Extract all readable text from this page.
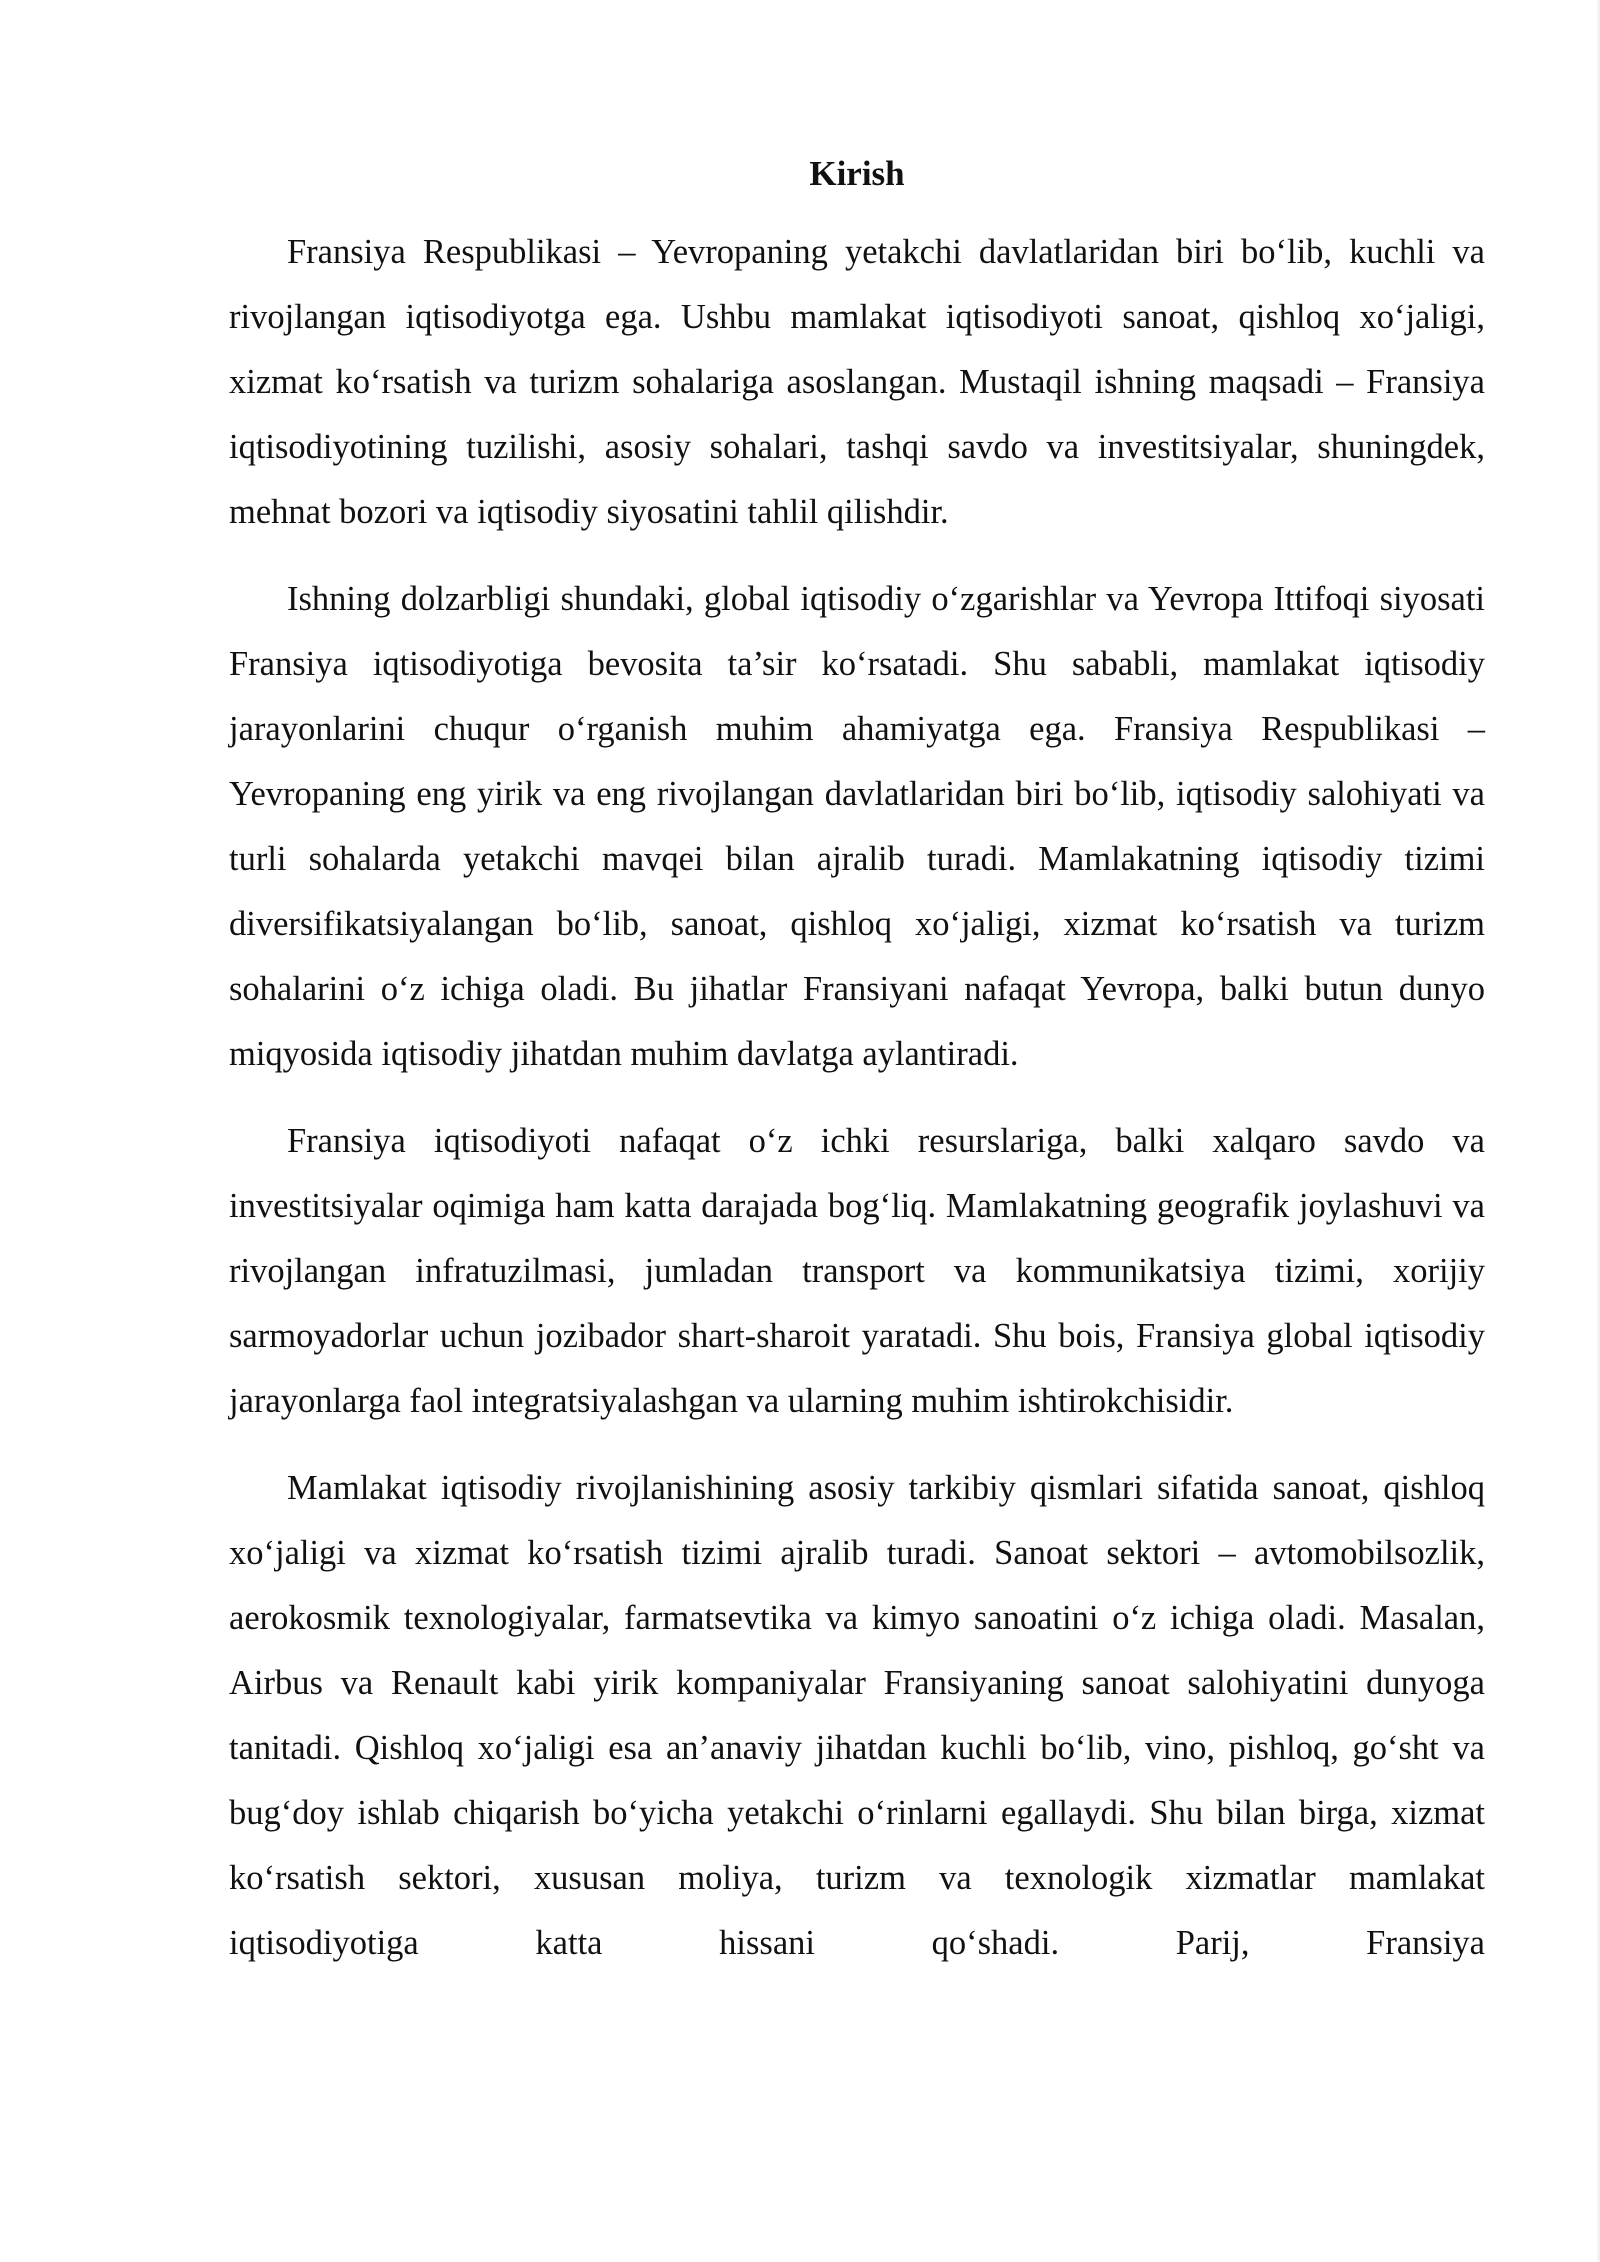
Kirish

Fransiya Respublikasi – Yevropaning yetakchi davlatlaridan biri bo‘lib, kuchli va rivojlangan iqtisodiyotga ega. Ushbu mamlakat iqtisodiyoti sanoat, qishloq xo‘jaligi, xizmat ko‘rsatish va turizm sohalariga asoslangan. Mustaqil ishning maqsadi – Fransiya iqtisodiyotining tuzilishi, asosiy sohalari, tashqi savdo va investitsiyalar, shuningdek, mehnat bozori va iqtisodiy siyosatini tahlil qilishdir.

Ishning dolzarbligi shundaki, global iqtisodiy o‘zgarishlar va Yevropa Ittifoqi siyosati Fransiya iqtisodiyotiga bevosita ta’sir ko‘rsatadi. Shu sababli, mamlakat iqtisodiy jarayonlarini chuqur o‘rganish muhim ahamiyatga ega. Fransiya Respublikasi – Yevropaning eng yirik va eng rivojlangan davlatlaridan biri bo‘lib, iqtisodiy salohiyati va turli sohalarda yetakchi mavqei bilan ajralib turadi. Mamlakatning iqtisodiy tizimi diversifikatsiyalangan bo‘lib, sanoat, qishloq xo‘jaligi, xizmat ko‘rsatish va turizm sohalarini o‘z ichiga oladi. Bu jihatlar Fransiyani nafaqat Yevropa, balki butun dunyo miqyosida iqtisodiy jihatdan muhim davlatga aylantiradi.

Fransiya iqtisodiyoti nafaqat o‘z ichki resurslariga, balki xalqaro savdo va investitsiyalar oqimiga ham katta darajada bog‘liq. Mamlakatning geografik joylashuvi va rivojlangan infratuzilmasi, jumladan transport va kommunikatsiya tizimi, xorijiy sarmoyadorlar uchun jozibador shart-sharoit yaratadi. Shu bois, Fransiya global iqtisodiy jarayonlarga faol integratsiyalashgan va ularning muhim ishtirokchisidir.

Mamlakat iqtisodiy rivojlanishining asosiy tarkibiy qismlari sifatida sanoat, qishloq xo‘jaligi va xizmat ko‘rsatish tizimi ajralib turadi. Sanoat sektori – avtomobilsozlik, aerokosmik texnologiyalar, farmatsevtika va kimyo sanoatini o‘z ichiga oladi. Masalan, Airbus va Renault kabi yirik kompaniyalar Fransiyaning sanoat salohiyatini dunyoga tanitadi. Qishloq xo‘jaligi esa an’anaviy jihatdan kuchli bo‘lib, vino, pishloq, go‘sht va bug‘doy ishlab chiqarish bo‘yicha yetakchi o‘rinlarni egallaydi. Shu bilan birga, xizmat ko‘rsatish sektori, xususan moliya, turizm va texnologik xizmatlar mamlakat iqtisodiyotiga katta hissani qo‘shadi. Parij, Fransiya
